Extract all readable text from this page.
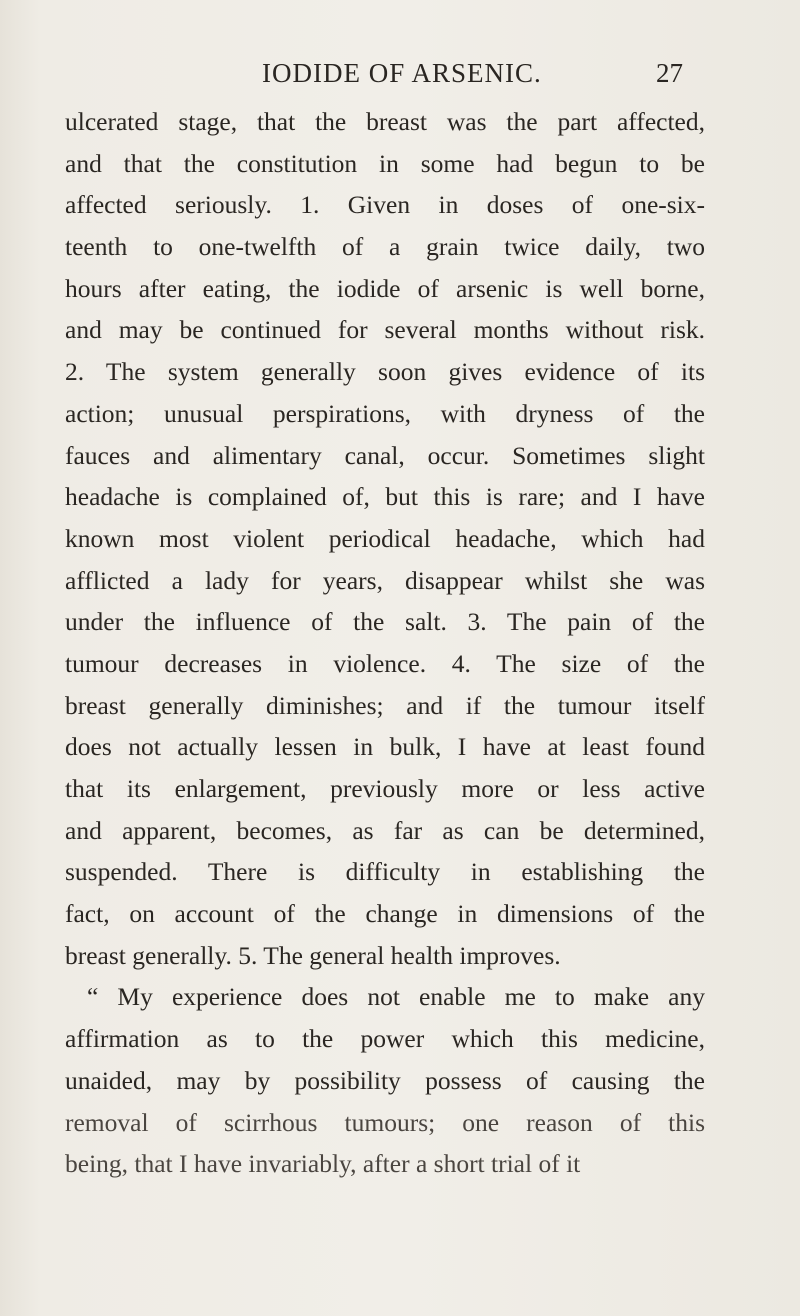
IODIDE OF ARSENIC.	27
ulcerated stage, that the breast was the part affected,
and that the constitution in some had begun to be
affected seriously. 1. Given in doses of one-six-
teenth to one-twelfth of a grain twice daily, two
hours after eating, the iodide of arsenic is well borne,
and may be continued for several months without risk.
2. The system generally soon gives evidence of its
action; unusual perspirations, with dryness of the
fauces and alimentary canal, occur. Sometimes slight
headache is complained of, but this is rare; and I have
known most violent periodical headache, which had
afflicted a lady for years, disappear whilst she was
under the influence of the salt. 3. The pain of the
tumour decreases in violence. 4. The size of the
breast generally diminishes; and if the tumour itself
does not actually lessen in bulk, I have at least found
that its enlargement, previously more or less active
and apparent, becomes, as far as can be determined,
suspended. There is difficulty in establishing the
fact, on account of the change in dimensions of the
breast generally. 5. The general health improves.
“ My experience does not enable me to make any
affirmation as to the power which this medicine,
unaided, may by possibility possess of causing the
removal of scirrhous tumours; one reason of this
being, that I have invariably, after a short trial of it
